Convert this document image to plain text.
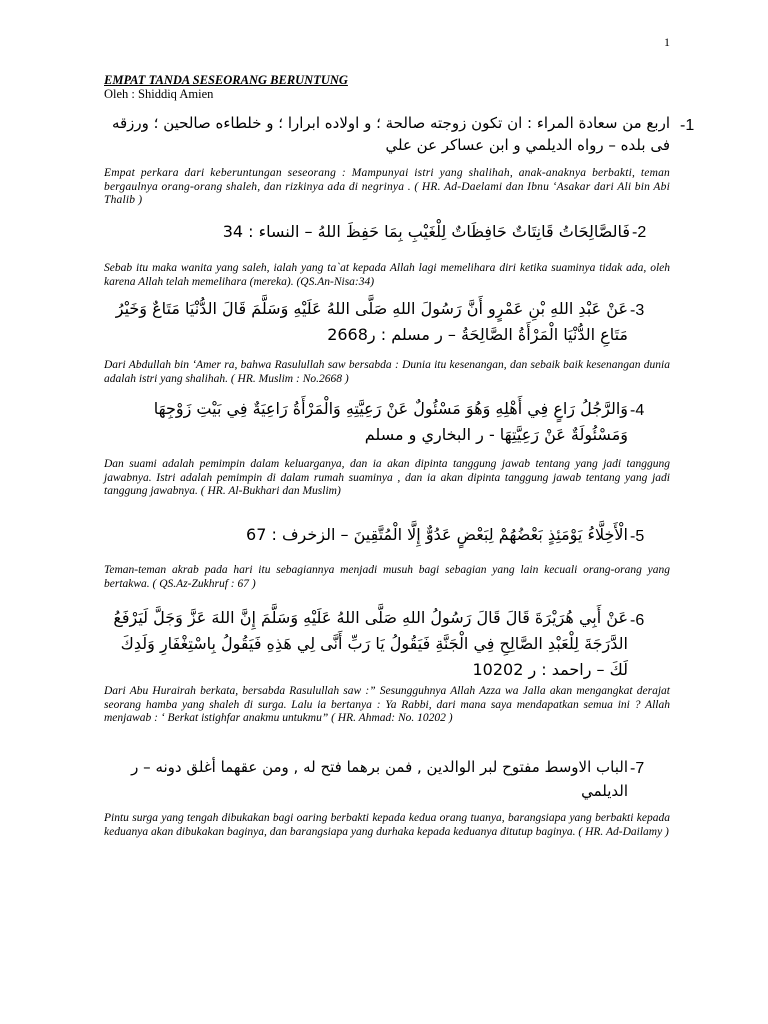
1
EMPAT TANDA SESEORANG BERUNTUNG
Oleh : Shiddiq Amien
-1
اربع من سعادة المراء : ان تكون زوجته صالحة ؛ و اولاده ابرارا ؛ و خلطاءه صالحين ؛ ورزقه فى بلده – رواه الديلمي و ابن عساكر عن علي
Empat perkara dari keberuntungan seseorang : Mampunyai istri yang shalihah, anak-anaknya berbakti, teman bergaulnya orang-orang shaleh, dan rizkinya ada di negrinya . ( HR. Ad-Daelami dan Ibnu ‘Asakar dari Ali bin Abi Thalib )
-2
فَالصَّالِحَاتُ قَانِتَاتٌ حَافِظَاتٌ لِلْغَيْبِ بِمَا حَفِظَ اللهُ – النساء : 34
Sebab itu maka wanita yang saleh, ialah yang ta`at kepada Allah lagi memelihara diri ketika suaminya tidak ada, oleh karena Allah telah memelihara (mereka). (QS.An-Nisa:34)
-3
عَنْ عَبْدِ اللهِ بْنِ عَمْرٍو أَنَّ رَسُولَ اللهِ صَلَّى اللهُ عَلَيْهِ وَسَلَّمَ قَالَ الدُّنْيَا مَتَاعٌ وَخَيْرُ مَتَاعِ الدُّنْيَا الْمَرْأَةُ الصَّالِحَةُ – ر مسلم : ر2668
Dari Abdullah bin ‘Amer ra, bahwa Rasulullah saw bersabda : Dunia itu kesenangan, dan sebaik baik kesenangan dunia adalah istri yang shalihah. ( HR. Muslim : No.2668 )
-4
وَالرَّجُلُ رَاعٍ فِي أَهْلِهِ وَهُوَ مَسْئُولٌ عَنْ رَعِيَّتِهِ وَالْمَرْأَةُ رَاعِيَةٌ فِي بَيْتِ زَوْجِهَا وَمَسْئُولَةٌ عَنْ رَعِيَّتِهَا - ر البخاري و مسلم
Dan suami adalah pemimpin dalam keluarganya, dan ia akan dipinta tanggung jawab tentang yang jadi tanggung jawabnya. Istri adalah pemimpin di dalam rumah suaminya , dan ia akan dipinta tanggung jawab tentang yang jadi tanggung jawabnya. ( HR. Al-Bukhari dan Muslim)
-5
الْأَخِلَّاءُ يَوْمَئِذٍ بَعْضُهُمْ لِبَعْضٍ عَدُوٌّ إِلَّا الْمُتَّقِينَ – الزخرف : 67
Teman-teman akrab pada hari itu sebagiannya menjadi musuh bagi sebagian yang lain kecuali orang-orang yang bertakwa. ( QS.Az-Zukhruf : 67 )
-6
عَنْ أَبِي هُرَيْرَةَ قَالَ قَالَ رَسُولُ اللهِ صَلَّى اللهُ عَلَيْهِ وَسَلَّمَ إِنَّ اللهَ عَزَّ وَجَلَّ لَيَرْفَعُ الدَّرَجَةَ لِلْعَبْدِ الصَّالِحِ فِي الْجَنَّةِ فَيَقُولُ يَا رَبِّ أَنَّى لِي هَذِهِ فَيَقُولُ بِاسْتِغْفَارِ وَلَدِكَ لَكَ – راحمد : ر 10202
Dari Abu Hurairah berkata, bersabda Rasulullah saw :” Sesungguhnya Allah Azza wa Jalla akan mengangkat derajat seorang hamba yang shaleh di surga. Lalu ia bertanya : Ya Rabbi, dari mana saya mendapatkan semua ini ? Allah menjawab : ‘ Berkat istighfar anakmu untukmu” ( HR. Ahmad: No. 10202 )
-7
الباب الاوسط مفتوح لبر الوالدين , فمن برهما فتح له , ومن عقهما أغلق دونه – ر الديلمي
Pintu surga yang tengah dibukakan bagi oaring berbakti kepada kedua orang tuanya, barangsiapa yang berbakti kepada keduanya akan dibukakan baginya, dan barangsiapa yang durhaka kepada keduanya ditutup baginya. ( HR. Ad-Dailamy )
